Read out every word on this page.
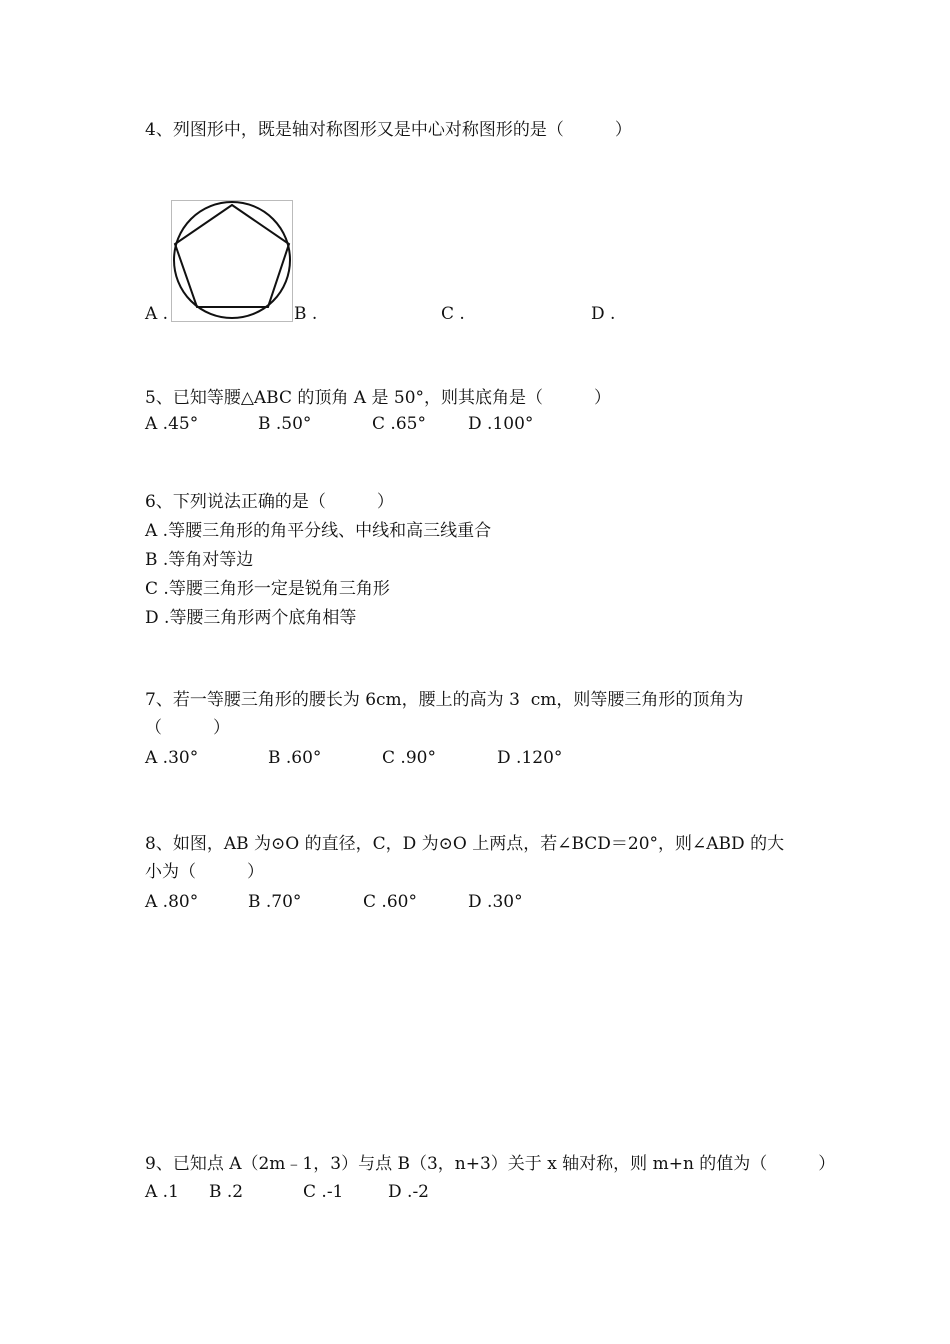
4、列图形中，既是轴对称图形又是中心对称图形的是（　　　）
A .	B .	C .	D .
5、已知等腰△ABC 的顶角 A 是 50°，则其底角是（　　　）
A .45°	B .50°	C .65° D .100°
6、下列说法正确的是（　　　）
A .等腰三角形的角平分线、中线和高三线重合
B .等角对等边
C .等腰三角形一定是锐角三角形
D .等腰三角形两个底角相等
7、若一等腰三角形的腰长为 6cm，腰上的高为 3  cm，则等腰三角形的顶角为
（　　　）
A .30°	B .60°	C .90°	D .120°
8、如图，AB 为⊙O 的直径，C，D 为⊙O 上两点，若∠BCD＝20°，则∠ABD 的大
小为（　　　）
A .80°	B .70°	C .60°	D .30°
9、已知点 A（2m﹣1，3）与点 B（3，n+3）关于 x 轴对称，则 m+n 的值为（　　　）
A .1 B .2	C .-1	D .-2
